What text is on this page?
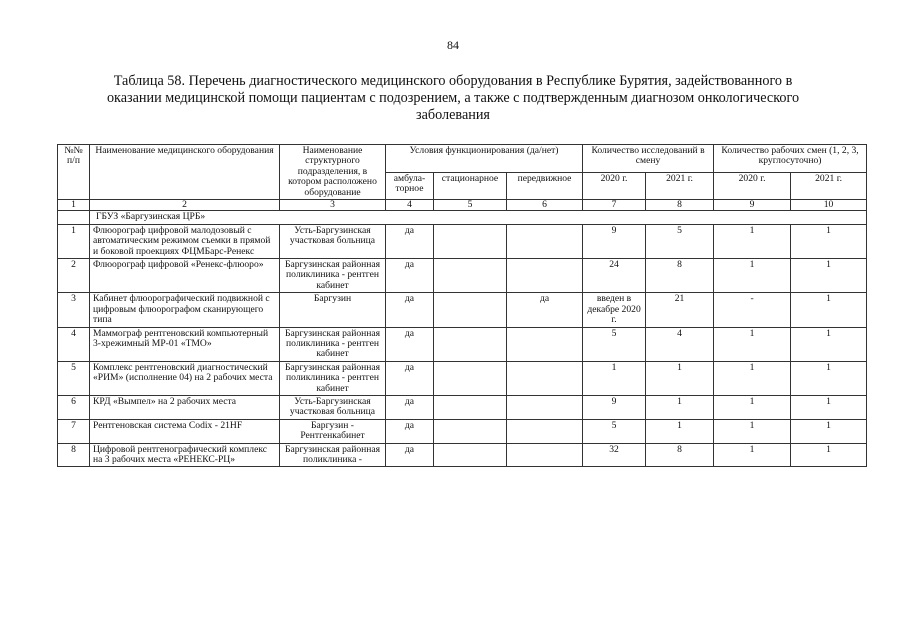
84
Таблица 58. Перечень диагностического медицинского оборудования в Республике Бурятия, задействованного в оказании медицинской помощи пациентам с подозрением, а также с подтвержденным диагнозом онкологического заболевания
№№ п/п	Наименование медицинского оборудования	Наименование структурного подразделения, в котором расположено оборудование	Условия функционирования (да/нет)			Количество исследований в смену		Количество рабочих смен (1, 2, 3, круглосуточно)	
			амбула-торное	стационарное	передвижное	2020 г.	2021 г.	2020 г.	2021 г.
1	2	3	4	5	6	7	8	9	10
	ГБУЗ «Баргузинская ЦРБ»								
1	Флюорограф цифровой малодозовый с автоматическим режимом съемки в прямой и боковой проекциях ФЦМБарс-Ренекс	Усть-Баргузинская участковая больница	да			9	5	1	1
2	Флюорограф цифровой «Ренекс-флюоро»	Баргузинская районная поликлиника - рентген кабинет	да			24	8	1	1
3	Кабинет флюорографический подвижной с цифровым флюорографом сканирующего типа	Баргузин	да		да	введен в декабре 2020 г.	21	-	1
4	Маммограф рентгеновский компьютерный 3-хрежимный МР-01 «ТМО»	Баргузинская районная поликлиника - рентген кабинет	да			5	4	1	1
5	Комплекс рентгеновский диагностический «РИМ» (исполнение 04) на 2 рабочих места	Баргузинская районная поликлиника - рентген кабинет	да			1	1	1	1
6	КРД «Вымпел» на 2 рабочих места	Усть-Баргузинская участковая больница	да			9	1	1	1
7	Рентгеновская система Codix - 21HF	Баргузин - Рентгенкабинет	да			5	1	1	1
8	Цифровой рентгенографический комплекс на 3 рабочих места «РЕНЕКС-РЦ»	Баргузинская районная поликлиника -	да			32	8	1	1
